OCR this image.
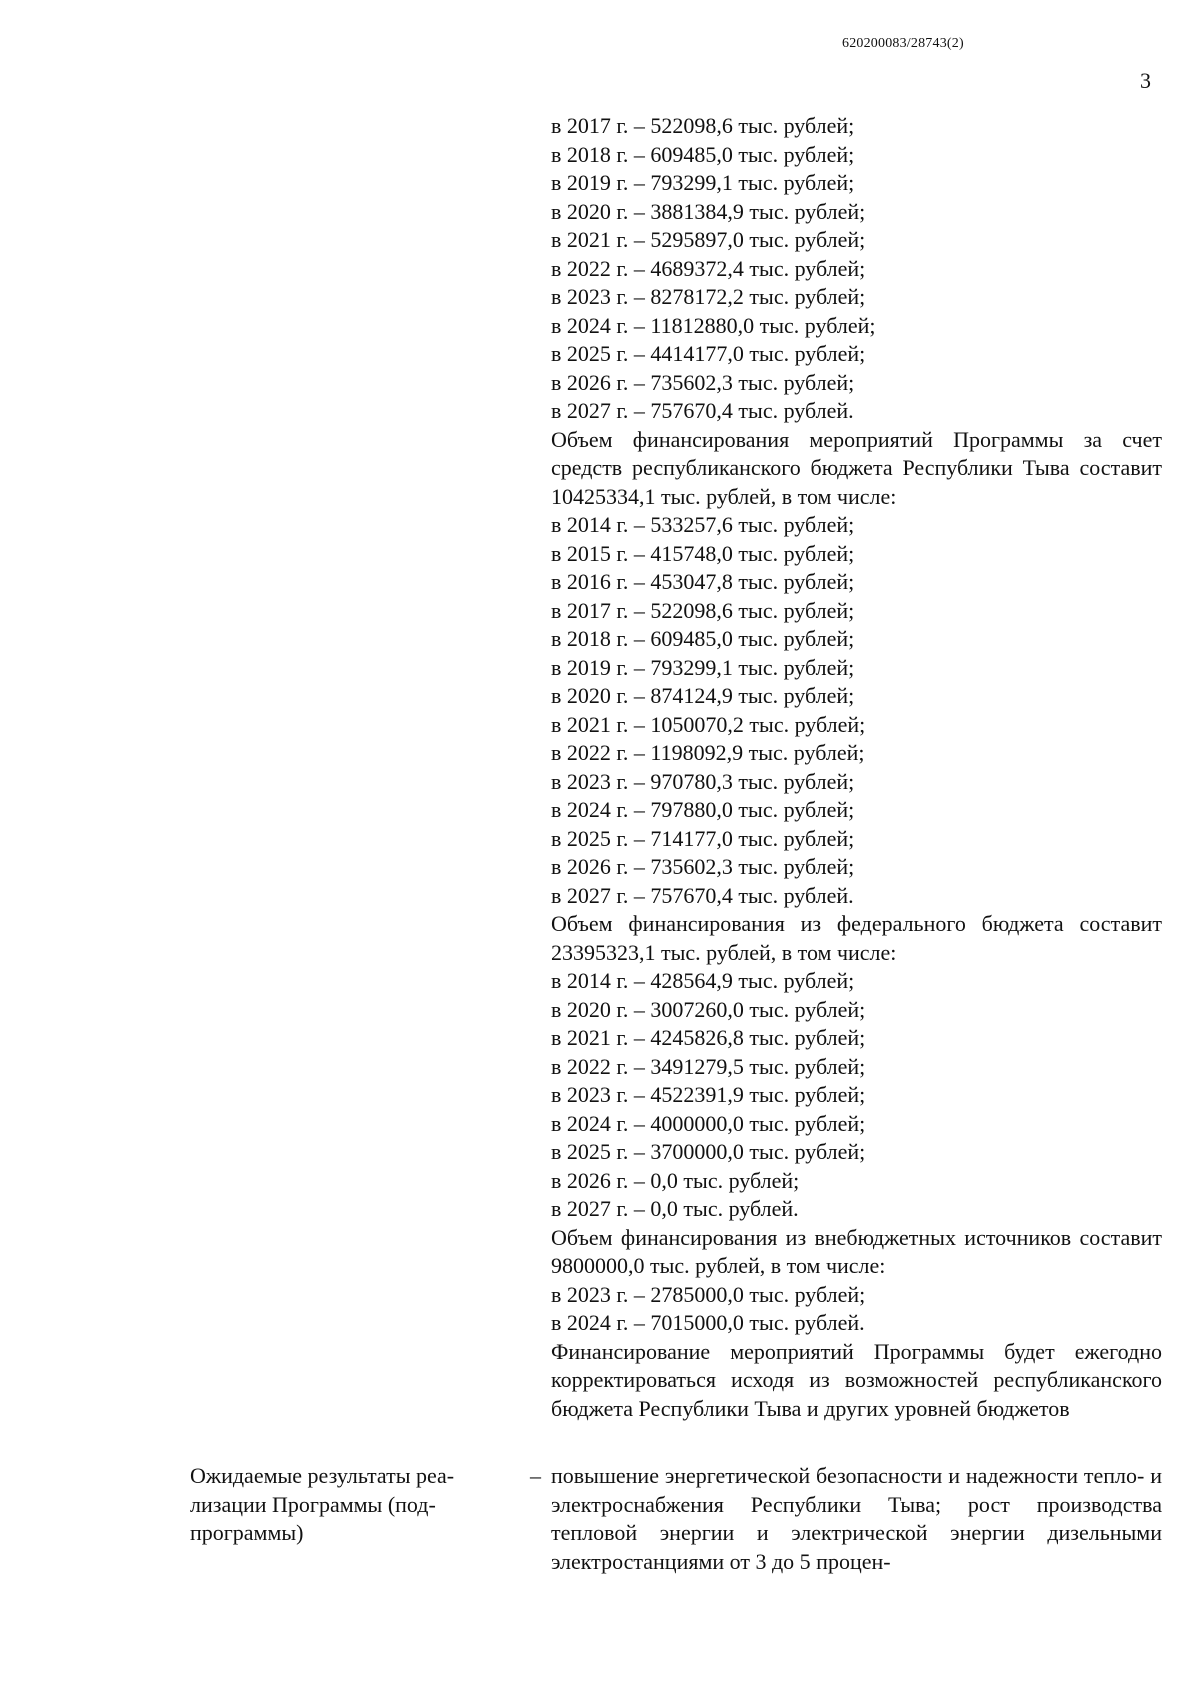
620200083/28743(2)
3
в 2017 г. – 522098,6 тыс. рублей;
в 2018 г. – 609485,0 тыс. рублей;
в 2019 г. – 793299,1 тыс. рублей;
в 2020 г. – 3881384,9 тыс. рублей;
в 2021 г. – 5295897,0 тыс. рублей;
в 2022 г. – 4689372,4 тыс. рублей;
в 2023 г. – 8278172,2 тыс. рублей;
в 2024 г. – 11812880,0 тыс. рублей;
в 2025 г. – 4414177,0 тыс. рублей;
в 2026 г. – 735602,3 тыс. рублей;
в 2027 г. – 757670,4 тыс. рублей.
Объем финансирования мероприятий Программы за счет средств республиканского бюджета Республики Тыва составит 10425334,1 тыс. рублей, в том числе:
в 2014 г. – 533257,6 тыс. рублей;
в 2015 г. – 415748,0 тыс. рублей;
в 2016 г. – 453047,8 тыс. рублей;
в 2017 г. – 522098,6 тыс. рублей;
в 2018 г. – 609485,0 тыс. рублей;
в 2019 г. – 793299,1 тыс. рублей;
в 2020 г. – 874124,9 тыс. рублей;
в 2021 г. – 1050070,2 тыс. рублей;
в 2022 г. – 1198092,9 тыс. рублей;
в 2023 г. – 970780,3 тыс. рублей;
в 2024 г. – 797880,0 тыс. рублей;
в 2025 г. – 714177,0 тыс. рублей;
в 2026 г. – 735602,3 тыс. рублей;
в 2027 г. – 757670,4 тыс. рублей.
Объем финансирования из федерального бюджета составит 23395323,1 тыс. рублей, в том числе:
в 2014 г. – 428564,9 тыс. рублей;
в 2020 г. – 3007260,0 тыс. рублей;
в 2021 г. – 4245826,8 тыс. рублей;
в 2022 г. – 3491279,5 тыс. рублей;
в 2023 г. – 4522391,9 тыс. рублей;
в 2024 г. – 4000000,0 тыс. рублей;
в 2025 г. – 3700000,0 тыс. рублей;
в 2026 г. – 0,0 тыс. рублей;
в 2027 г. – 0,0 тыс. рублей.
Объем финансирования из внебюджетных источников составит 9800000,0 тыс. рублей, в том числе:
в 2023 г. – 2785000,0 тыс. рублей;
в 2024 г. – 7015000,0 тыс. рублей.
Финансирование мероприятий Программы будет ежегодно корректироваться исходя из возможностей республиканского бюджета Республики Тыва и других уровней бюджетов
Ожидаемые результаты реализации Программы (подпрограммы)
– повышение энергетической безопасности и надежности тепло- и электроснабжения Республики Тыва; рост производства тепловой энергии и электрической энергии дизельными электростанциями от 3 до 5 процен-
